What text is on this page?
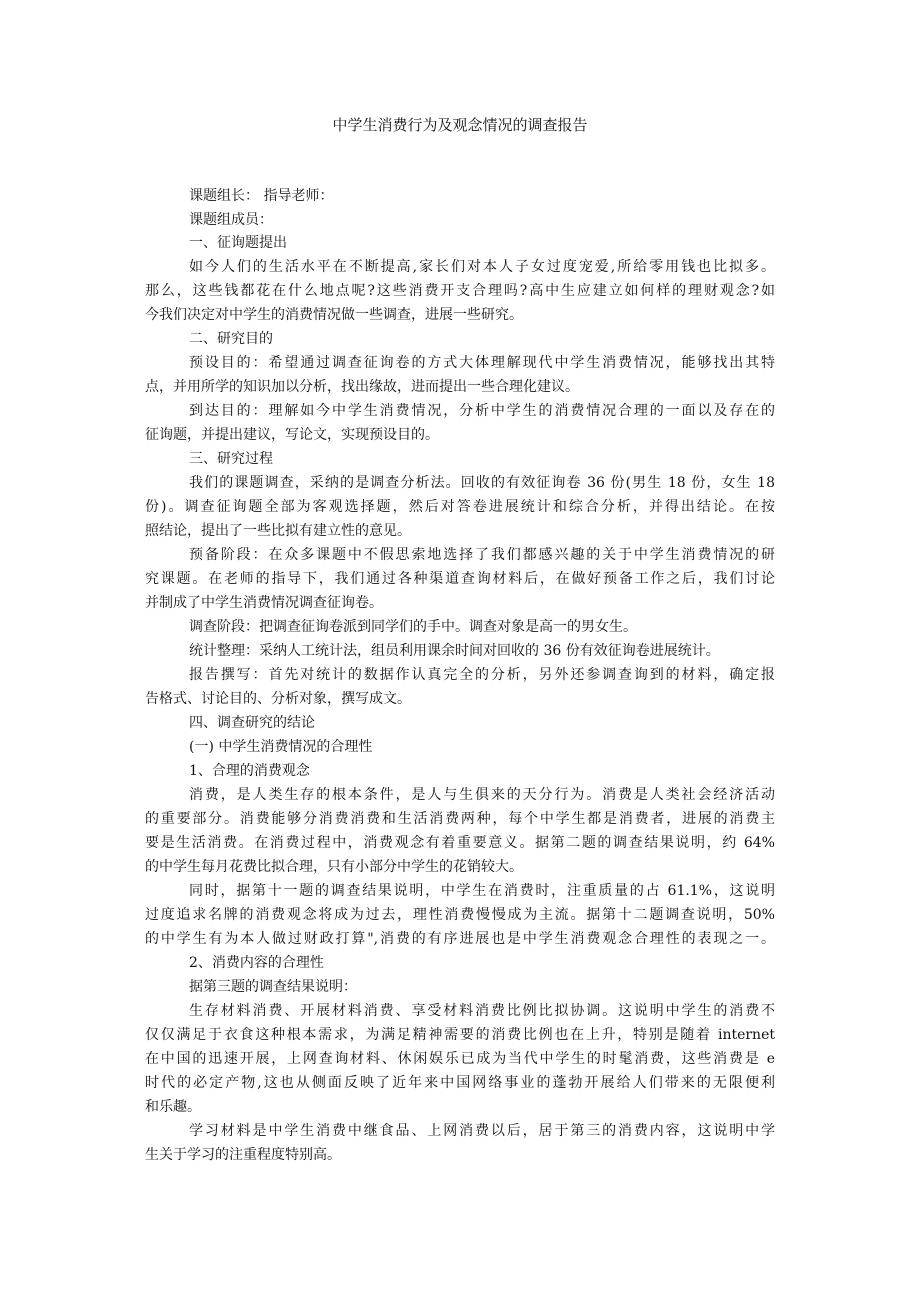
中学生消费行为及观念情况的调查报告
课题组长： 指导老师：
课题组成员：
一、征询题提出
如今人们的生活水平在不断提高,家长们对本人子女过度宠爱,所给零用钱也比拟多。
那么，这些钱都花在什么地点呢?这些消费开支合理吗?高中生应建立如何样的理财观念?如
今我们决定对中学生的消费情况做一些调查，进展一些研究。
二、研究目的
预设目的：希望通过调查征询卷的方式大体理解现代中学生消费情况，能够找出其特
点，并用所学的知识加以分析，找出缘故，进而提出一些合理化建议。
到达目的：理解如今中学生消费情况，分析中学生的消费情况合理的一面以及存在的
征询题，并提出建议，写论文，实现预设目的。
三、研究过程
我们的课题调查，采纳的是调查分析法。回收的有效征询卷 36 份(男生 18 份，女生 18
份)。调查征询题全部为客观选择题，然后对答卷进展统计和综合分析，并得出结论。在按
照结论，提出了一些比拟有建立性的意见。
预备阶段：在众多课题中不假思索地选择了我们都感兴趣的关于中学生消费情况的研
究课题。在老师的指导下，我们通过各种渠道查询材料后，在做好预备工作之后，我们讨论
并制成了中学生消费情况调查征询卷。
调查阶段：把调查征询卷派到同学们的手中。调查对象是高一的男女生。
统计整理：采纳人工统计法，组员利用课余时间对回收的 36 份有效征询卷进展统计。
报告撰写：首先对统计的数据作认真完全的分析，另外还参调查询到的材料，确定报
告格式、讨论目的、分析对象，撰写成文。
四、调查研究的结论
(一) 中学生消费情况的合理性
1、合理的消费观念
消费，是人类生存的根本条件，是人与生俱来的天分行为。消费是人类社会经济活动
的重要部分。消费能够分消费消费和生活消费两种，每个中学生都是消费者，进展的消费主
要是生活消费。在消费过程中，消费观念有着重要意义。据第二题的调查结果说明，约 64%
的中学生每月花费比拟合理，只有小部分中学生的花销较大。
同时，据第十一题的调查结果说明，中学生在消费时，注重质量的占 61.1%，这说明
过度追求名牌的消费观念将成为过去，理性消费慢慢成为主流。据第十二题调查说明，50%
的中学生有为本人做过财政打算",消费的有序进展也是中学生消费观念合理性的表现之一。
2、消费内容的合理性
据第三题的调查结果说明：
生存材料消费、开展材料消费、享受材料消费比例比拟协调。这说明中学生的消费不
仅仅满足于衣食这种根本需求，为满足精神需要的消费比例也在上升，特别是随着 internet
在中国的迅速开展，上网查询材料、休闲娱乐已成为当代中学生的时髦消费，这些消费是 e
时代的必定产物,这也从侧面反映了近年来中国网络事业的蓬勃开展给人们带来的无限便利
和乐趣。
学习材料是中学生消费中继食品、上网消费以后，居于第三的消费内容，这说明中学
生关于学习的注重程度特别高。
